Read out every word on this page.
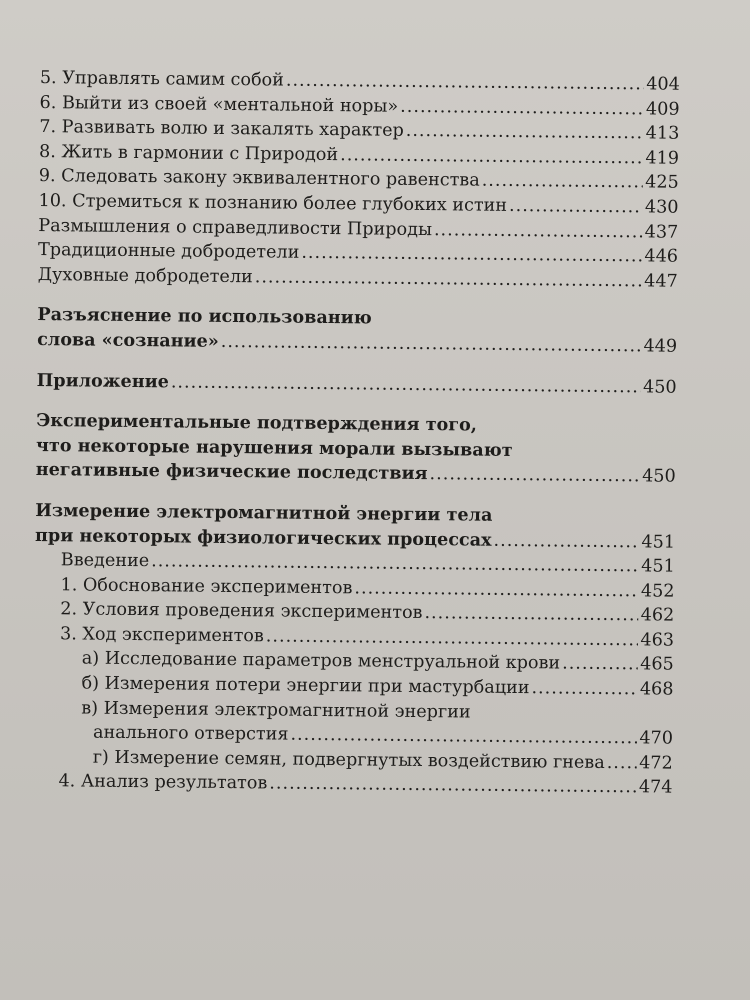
5. Управлять самим собой .....	404
6. Выйти из своей «ментальной норы» .....	409
7. Развивать волю и закалять характер .....	413
8. Жить в гармонии с Природой .....	419
9. Следовать закону эквивалентного равенства .....	425
10. Стремиться к познанию более глубоких истин .....	430
Размышления о справедливости Природы .....	437
Традиционные добродетели .....	446
Духовные добродетели .....	447
Разъяснение по использованию
слова «сознание» .....	449
Приложение .....	450
Экспериментальные подтверждения того,
что некоторые нарушения морали вызывают
негативные физические последствия .....	450
Измерение электромагнитной энергии тела
при некоторых физиологических процессах .....	451
Введение .....	451
1. Обоснование экспериментов .....	452
2. Условия проведения экспериментов .....	462
3. Ход экспериментов .....	463
а) Исследование параметров менструальной крови .....	465
б) Измерения потери энергии при мастурбации .....	468
в) Измерения электромагнитной энергии
анального отверстия .....	470
г) Измерение семян, подвергнутых воздействию гнева ..... 472
4. Анализ результатов .....	474
